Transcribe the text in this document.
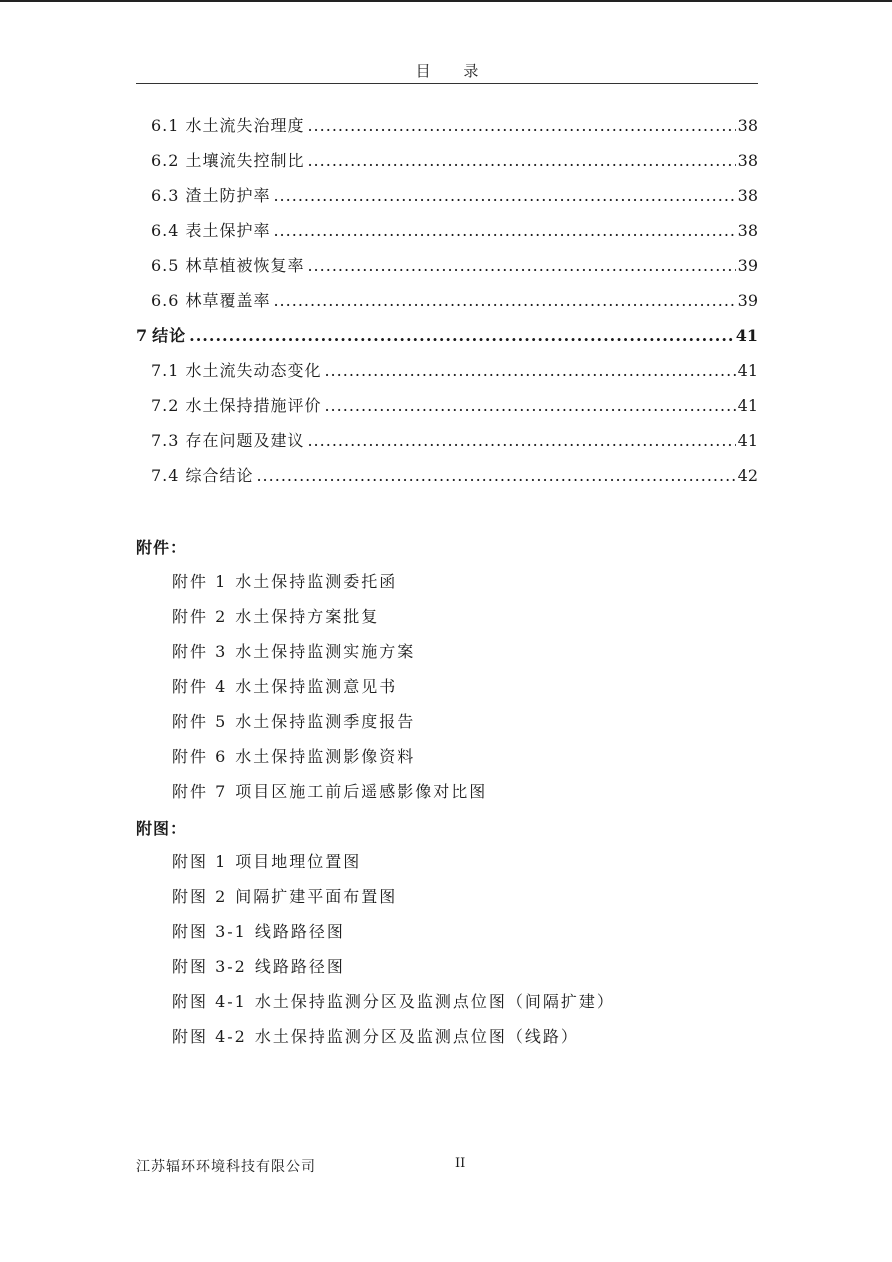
目 录
6.1 水土流失治理度 .....	38
6.2 土壤流失控制比 .....	38
6.3 渣土防护率 .....	38
6.4 表土保护率 .....	38
6.5 林草植被恢复率 .....	39
6.6 林草覆盖率 .....	39
7 结论 .....	41
7.1 水土流失动态变化 .....	41
7.2 水土保持措施评价 .....	41
7.3 存在问题及建议 .....	41
7.4 综合结论 .....	42
附件：
附件 1 水土保持监测委托函
附件 2 水土保持方案批复
附件 3 水土保持监测实施方案
附件 4 水土保持监测意见书
附件 5 水土保持监测季度报告
附件 6 水土保持监测影像资料
附件 7 项目区施工前后遥感影像对比图
附图：
附图 1 项目地理位置图
附图 2 间隔扩建平面布置图
附图 3-1 线路路径图
附图 3-2 线路路径图
附图 4-1 水土保持监测分区及监测点位图（间隔扩建）
附图 4-2 水土保持监测分区及监测点位图（线路）
江苏辐环环境科技有限公司	II
